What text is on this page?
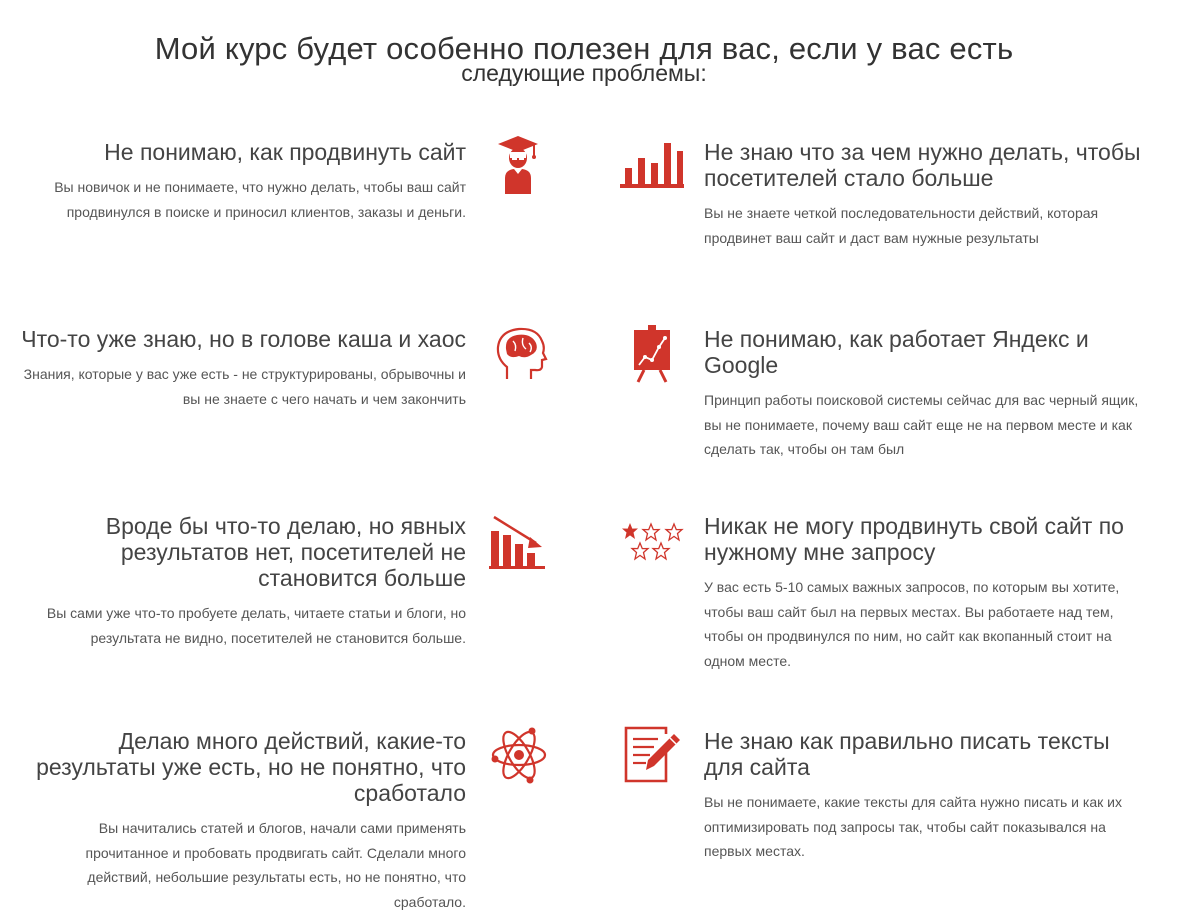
Мой курс будет особенно полезен для вас, если у вас есть
следующие проблемы:
Не понимаю, как продвинуть сайт

Вы новичок и не понимаете, что нужно делать, чтобы ваш сайт продвинулся в поиске и приносил клиентов, заказы и деньги.

Не знаю что за чем нужно делать, чтобы посетителей стало больше

Вы не знаете четкой последовательности действий, которая продвинет ваш сайт и даст вам нужные результаты

Что-то уже знаю, но в голове каша и хаос

Знания, которые у вас уже есть - не структурированы, обрывочны и вы не знаете с чего начать и чем закончить

Не понимаю, как работает Яндекс и Google

Принцип работы поисковой системы сейчас для вас черный ящик, вы не понимаете, почему ваш сайт еще не на первом месте и как сделать так, чтобы он там был

Вроде бы что-то делаю, но явных результатов нет, посетителей не становится больше

Вы сами уже что-то пробуете делать, читаете статьи и блоги, но результата не видно, посетителей не становится больше.

Никак не могу продвинуть свой сайт по нужному мне запросу

У вас есть 5-10 самых важных запросов, по которым вы хотите, чтобы ваш сайт был на первых местах. Вы работаете над тем, чтобы он продвинулся по ним, но сайт как вкопанный стоит на одном месте.

Делаю много действий, какие-то результаты уже есть, но не понятно, что сработало

Вы начитались статей и блогов, начали сами применять прочитанное и пробовать продвигать сайт. Сделали много действий, небольшие результаты есть, но не понятно, что сработало.

Не знаю как правильно писать тексты для сайта

Вы не понимаете, какие тексты для сайта нужно писать и как их оптимизировать под запросы так, чтобы сайт показывался на первых местах.
